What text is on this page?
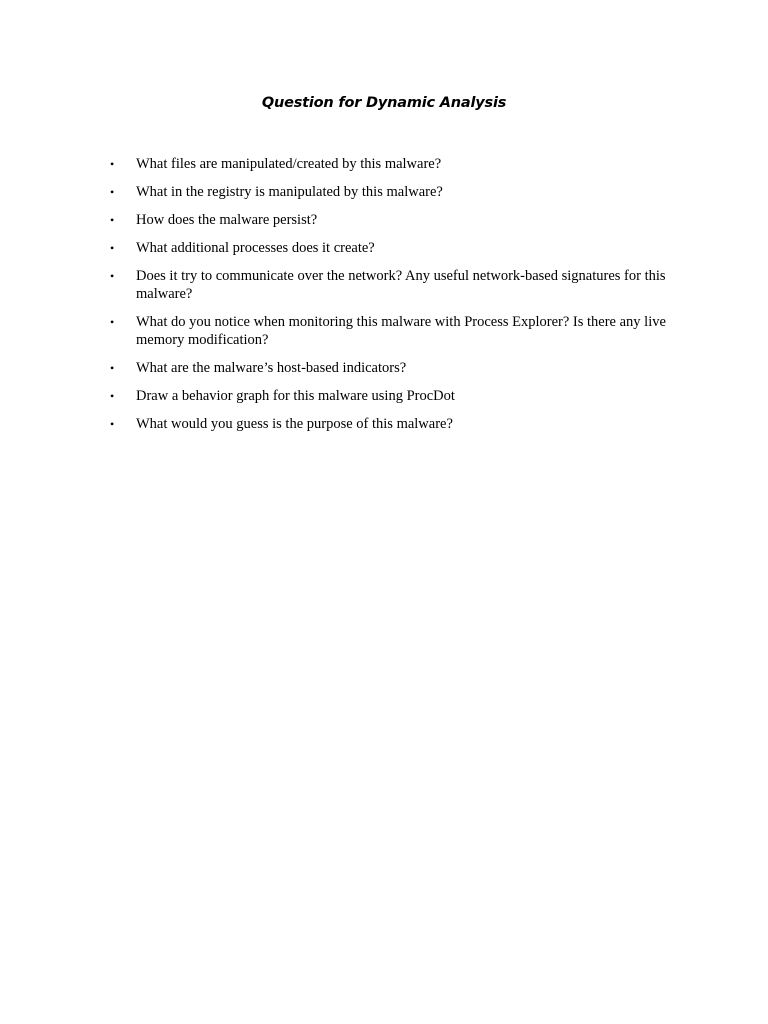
Question for Dynamic Analysis
•	What files are manipulated/created by this malware?
•	What in the registry is manipulated by this malware?
•	How does the malware persist?
•	What additional processes does it create?
•	Does it try to communicate over the network? Any useful network-based signatures for this malware?
•	What do you notice when monitoring this malware with Process Explorer? Is there any live memory modification?
•	What are the malware’s host-based indicators?
•	Draw a behavior graph for this malware using ProcDot
•	What would you guess is the purpose of this malware?
